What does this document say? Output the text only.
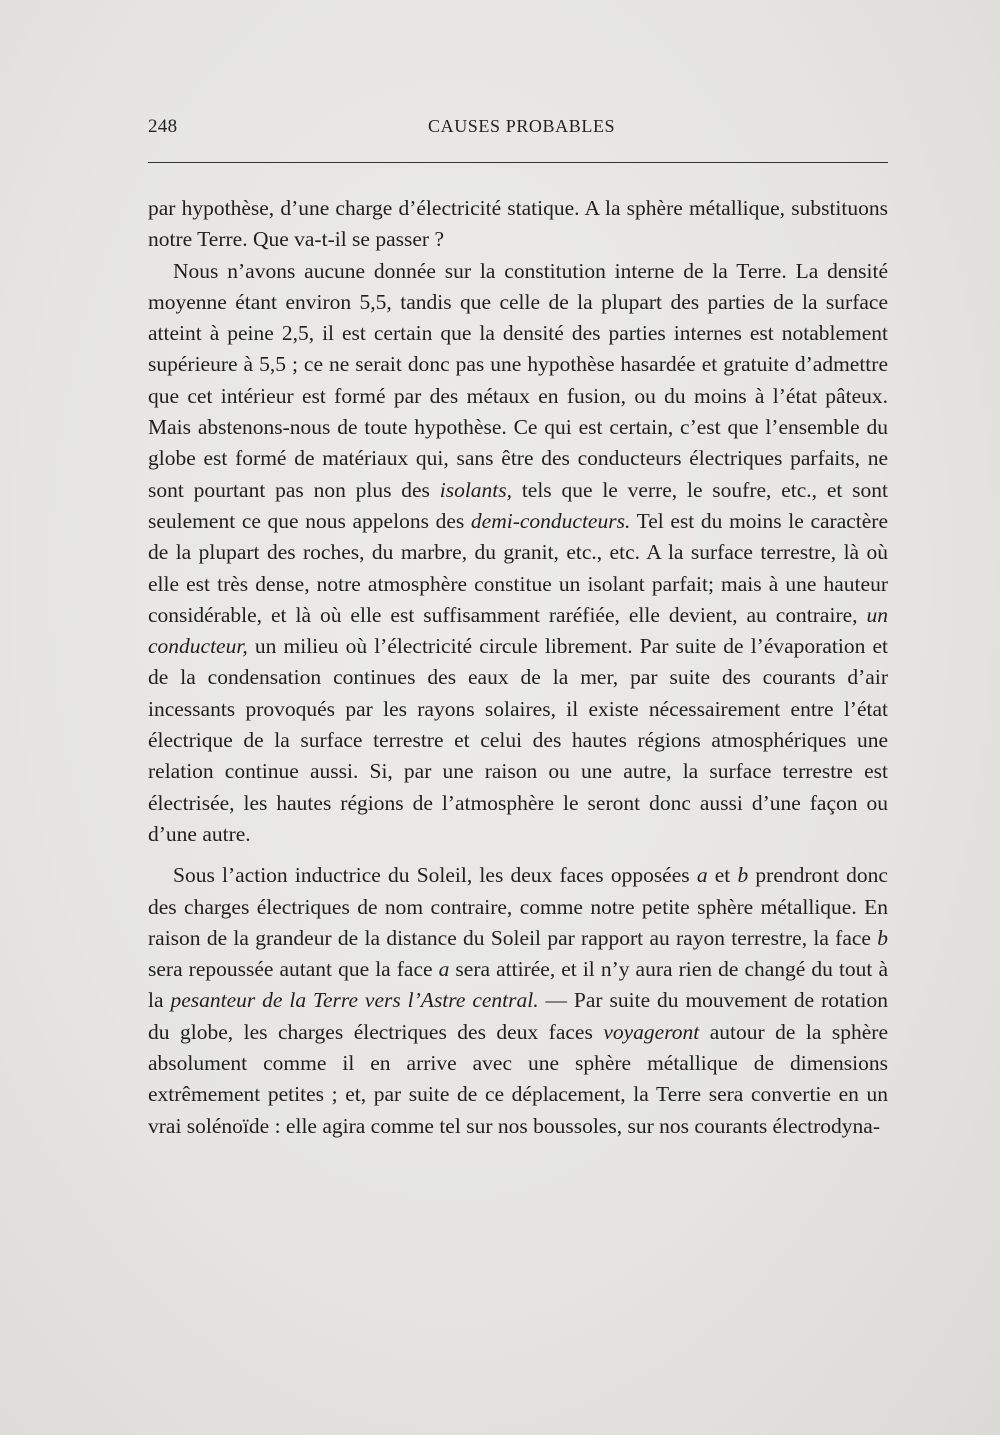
248	CAUSES PROBABLES

par hypothèse, d’une charge d’électricité statique. A la sphère métallique, substituons notre Terre. Que va-t-il se passer ?

Nous n’avons aucune donnée sur la constitution interne de la Terre. La densité moyenne étant environ 5,5, tandis que celle de la plupart des parties de la surface atteint à peine 2,5, il est certain que la densité des parties internes est notablement supérieure à 5,5 ; ce ne serait donc pas une hypothèse hasardée et gratuite d’admettre que cet intérieur est formé par des métaux en fusion, ou du moins à l’état pâteux. Mais abstenons-nous de toute hypothèse. Ce qui est certain, c’est que l’ensemble du globe est formé de matériaux qui, sans être des conducteurs électriques parfaits, ne sont pourtant pas non plus des isolants, tels que le verre, le soufre, etc., et sont seulement ce que nous appelons des demi-conducteurs. Tel est du moins le caractère de la plupart des roches, du marbre, du granit, etc., etc. A la surface terrestre, là où elle est très dense, notre atmosphère constitue un isolant parfait; mais à une hauteur considérable, et là où elle est suffisamment raréfiée, elle devient, au contraire, un conducteur, un milieu où l’électricité circule librement. Par suite de l’évaporation et de la condensation continues des eaux de la mer, par suite des courants d’air incessants provoqués par les rayons solaires, il existe nécessairement entre l’état électrique de la surface terrestre et celui des hautes régions atmosphériques une relation continue aussi. Si, par une raison ou une autre, la surface terrestre est électrisée, les hautes régions de l’atmosphère le seront donc aussi d’une façon ou d’une autre.

Sous l’action inductrice du Soleil, les deux faces opposées a et b prendront donc des charges électriques de nom contraire, comme notre petite sphère métallique. En raison de la grandeur de la distance du Soleil par rapport au rayon terrestre, la face b sera repoussée autant que la face a sera attirée, et il n’y aura rien de changé du tout à la pesanteur de la Terre vers l’Astre central. — Par suite du mouvement de rotation du globe, les charges électriques des deux faces voyageront autour de la sphère absolument comme il en arrive avec une sphère métallique de dimensions extrêmement petites ; et, par suite de ce déplacement, la Terre sera convertie en un vrai solénoïde : elle agira comme tel sur nos boussoles, sur nos courants électrodyna-
